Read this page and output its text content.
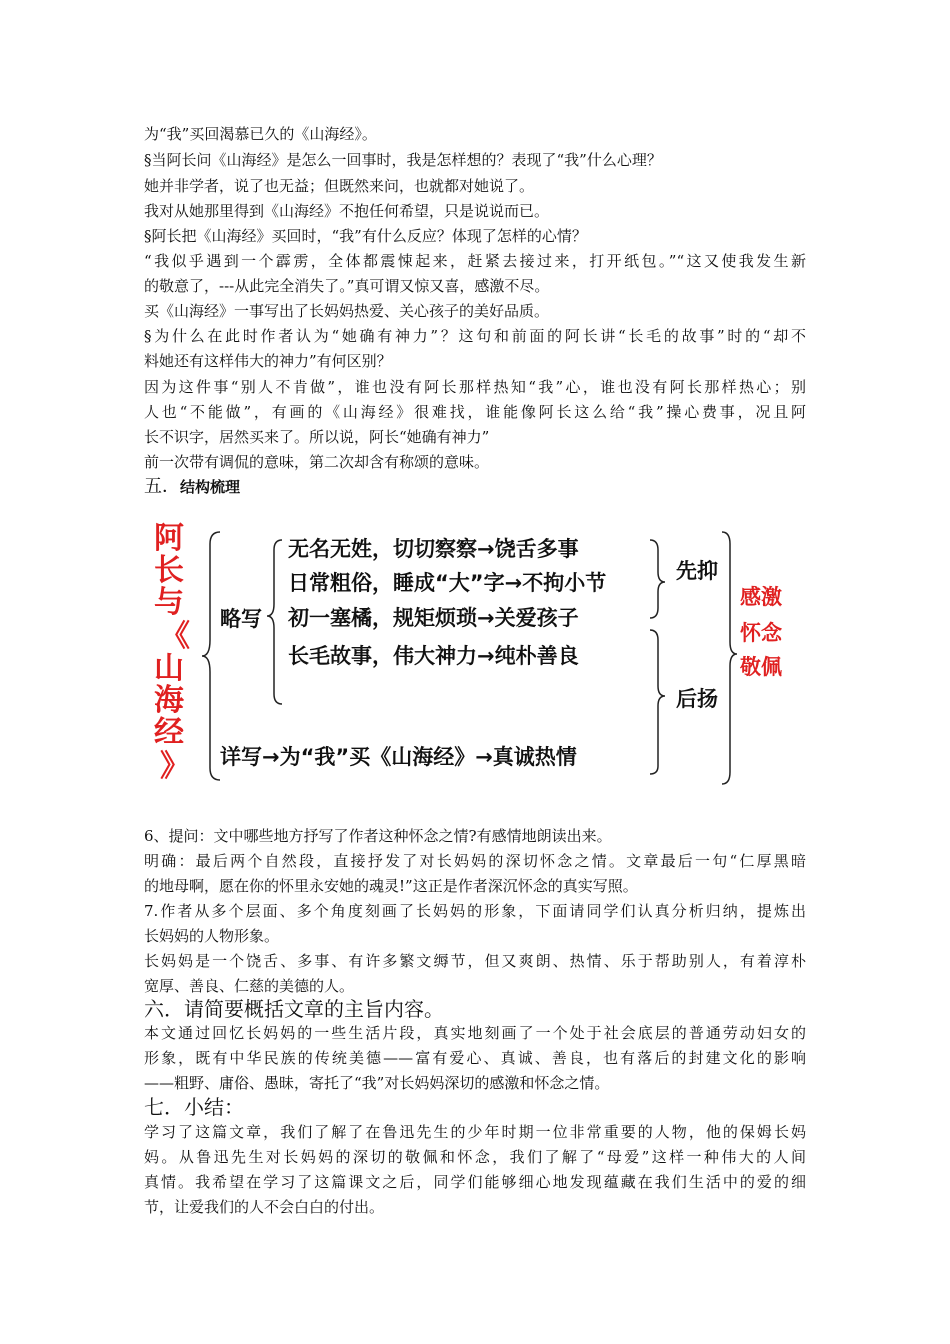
为“我”买回渴慕已久的《山海经》。
§当阿长问《山海经》是怎么一回事时，我是怎样想的？表现了“我”什么心理？
她并非学者，说了也无益；但既然来问，也就都对她说了。
我对从她那里得到《山海经》不抱任何希望，只是说说而已。
§阿长把《山海经》买回时，“我”有什么反应？体现了怎样的心情？
“我似乎遇到一个霹雳，全体都震悚起来，赶紧去接过来，打开纸包。”“这又使我发生新
的敬意了，---从此完全消失了。”真可谓又惊又喜，感激不尽。
买《山海经》一事写出了长妈妈热爱、关心孩子的美好品质。
§为什么在此时作者认为“她确有神力”？这句和前面的阿长讲“长毛的故事”时的“却不
料她还有这样伟大的神力”有何区别？
因为这件事“别人不肯做”，谁也没有阿长那样热知“我”心，谁也没有阿长那样热心；别
人也“不能做”，有画的《山海经》很难找，谁能像阿长这么给“我”操心费事，况且阿
长不识字，居然买来了。所以说，阿长“她确有神力”
前一次带有调侃的意味，第二次却含有称颂的意味。
五．结构梳理
阿
长
与
《
山
海
经
》
略写
无名无姓，切切察察→饶舌多事
日常粗俗，睡成“大”字→不拘小节
初一塞橘，规矩烦琐→关爱孩子
长毛故事，伟大神力→纯朴善良
详写→为“我”买《山海经》→真诚热情
先抑
后扬
感激
怀念
敬佩
6、提问：文中哪些地方抒写了作者这种怀念之情?有感情地朗读出来。
明确：最后两个自然段，直接抒发了对长妈妈的深切怀念之情。文章最后一句“仁厚黑暗
的地母啊，愿在你的怀里永安她的魂灵!”这正是作者深沉怀念的真实写照。
7.作者从多个层面、多个角度刻画了长妈妈的形象，下面请同学们认真分析归纳，提炼出
长妈妈的人物形象。
长妈妈是一个饶舌、多事、有许多繁文缛节，但又爽朗、热情、乐于帮助别人，有着淳朴
宽厚、善良、仁慈的美德的人。
六．请简要概括文章的主旨内容。
本文通过回忆长妈妈的一些生活片段，真实地刻画了一个处于社会底层的普通劳动妇女的
形象，既有中华民族的传统美德——富有爱心、真诚、善良，也有落后的封建文化的影响
——粗野、庸俗、愚昧，寄托了“我”对长妈妈深切的感激和怀念之情。
七．小结：
学习了这篇文章，我们了解了在鲁迅先生的少年时期一位非常重要的人物，他的保姆长妈
妈。从鲁迅先生对长妈妈的深切的敬佩和怀念，我们了解了“母爱”这样一种伟大的人间
真情。我希望在学习了这篇课文之后，同学们能够细心地发现蕴藏在我们生活中的爱的细
节，让爱我们的人不会白白的付出。
